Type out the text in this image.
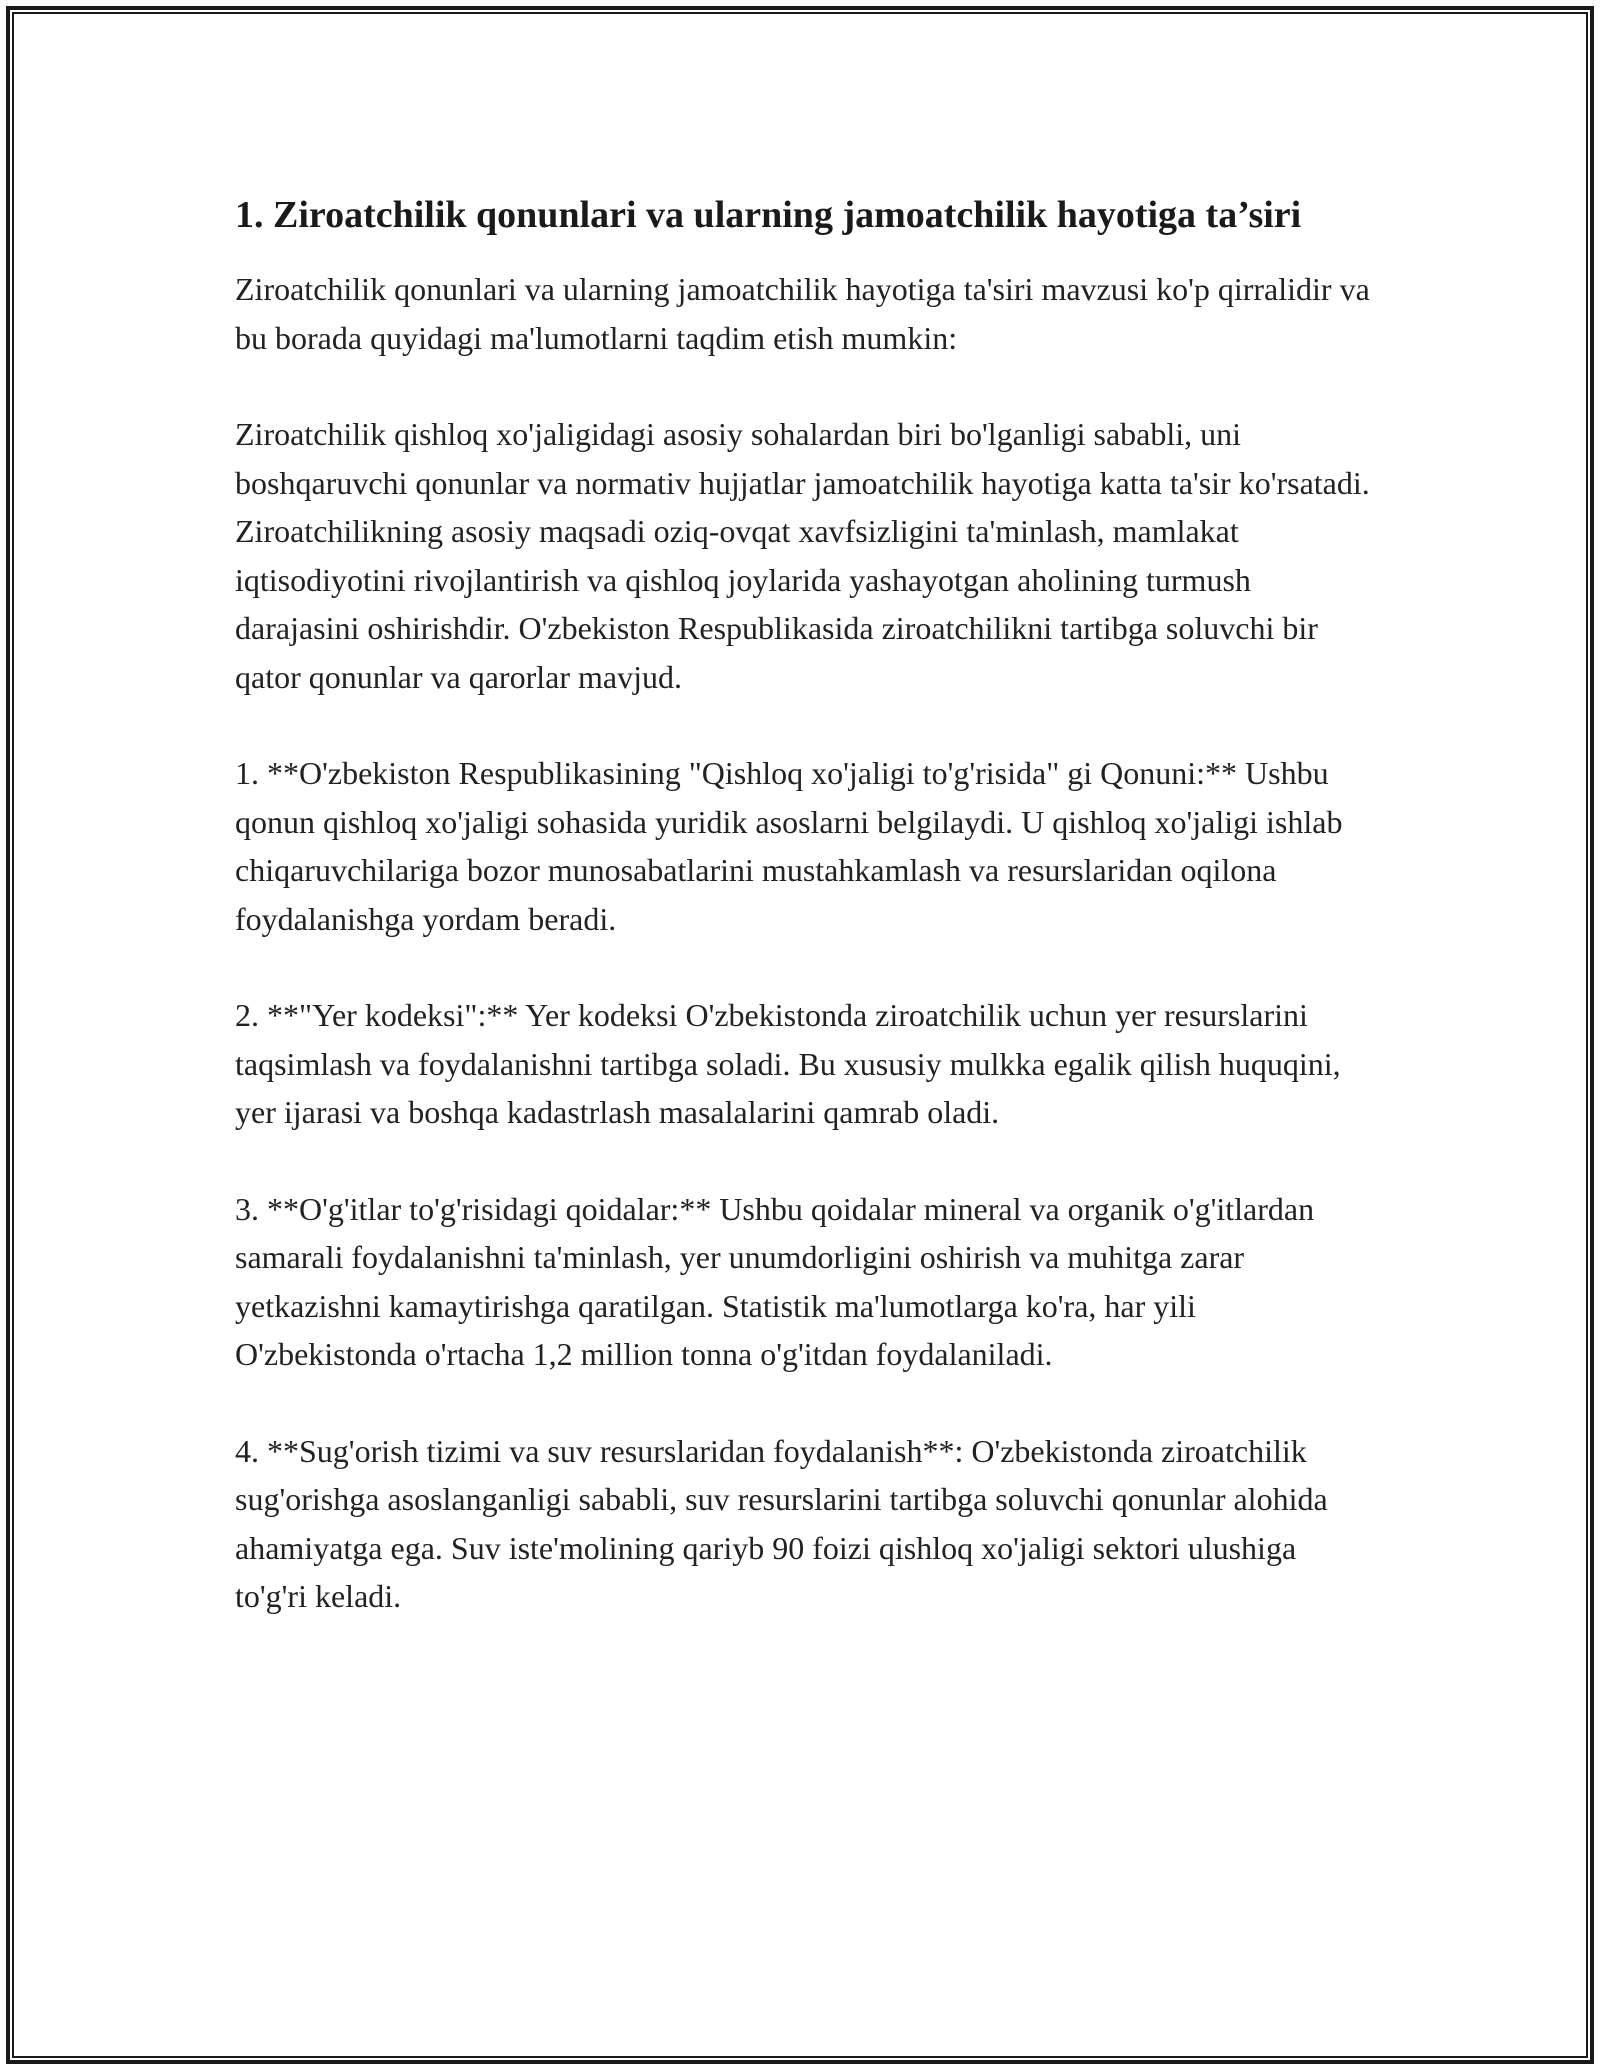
1. Ziroatchilik qonunlari va ularning jamoatchilik hayotiga ta’siri

Ziroatchilik qonunlari va ularning jamoatchilik hayotiga ta'siri mavzusi ko'p qirralidir va bu borada quyidagi ma'lumotlarni taqdim etish mumkin:

Ziroatchilik qishloq xo'jaligidagi asosiy sohalardan biri bo'lganligi sababli, uni boshqaruvchi qonunlar va normativ hujjatlar jamoatchilik hayotiga katta ta'sir ko'rsatadi. Ziroatchilikning asosiy maqsadi oziq-ovqat xavfsizligini ta'minlash, mamlakat iqtisodiyotini rivojlantirish va qishloq joylarida yashayotgan aholining turmush darajasini oshirishdir. O'zbekiston Respublikasida ziroatchilikni tartibga soluvchi bir qator qonunlar va qarorlar mavjud.

1. **O'zbekiston Respublikasining "Qishloq xo'jaligi to'g'risida" gi Qonuni:** Ushbu qonun qishloq xo'jaligi sohasida yuridik asoslarni belgilaydi. U qishloq xo'jaligi ishlab chiqaruvchilariga bozor munosabatlarini mustahkamlash va resurslaridan oqilona foydalanishga yordam beradi.

2. **"Yer kodeksi":** Yer kodeksi O'zbekistonda ziroatchilik uchun yer resurslarini taqsimlash va foydalanishni tartibga soladi. Bu xususiy mulkka egalik qilish huquqini, yer ijarasi va boshqa kadastrlash masalalarini qamrab oladi.

3. **O'g'itlar to'g'risidagi qoidalar:** Ushbu qoidalar mineral va organik o'g'itlardan samarali foydalanishni ta'minlash, yer unumdorligini oshirish va muhitga zarar yetkazishni kamaytirishga qaratilgan. Statistik ma'lumotlarga ko'ra, har yili O'zbekistonda o'rtacha 1,2 million tonna o'g'itdan foydalaniladi.

4. **Sug'orish tizimi va suv resurslaridan foydalanish**: O'zbekistonda ziroatchilik sug'orishga asoslanganligi sababli, suv resurslarini tartibga soluvchi qonunlar alohida ahamiyatga ega. Suv iste'molining qariyb 90 foizi qishloq xo'jaligi sektori ulushiga to'g'ri keladi.
